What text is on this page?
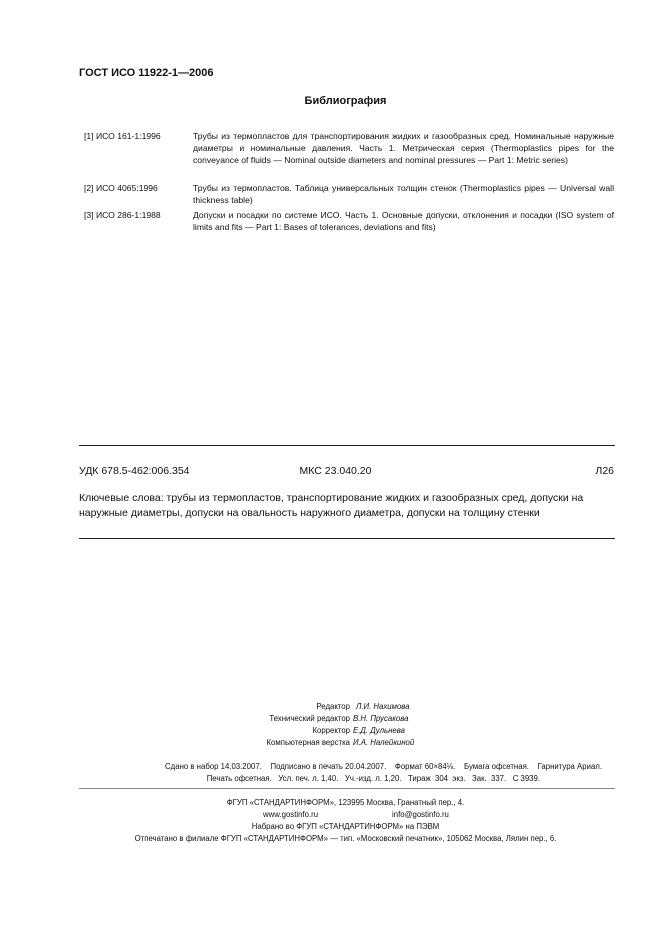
ГОСТ ИСО 11922-1—2006
Библиография
[1] ИСО 161-1:1996	Трубы из термопластов для транспортирования жидких и газообразных сред. Номинальные наружные диаметры и номинальные давления. Часть 1. Метрическая серия (Thermoplastics pipes for the conveyance of fluids — Nominal outside diameters and nominal pressures — Part 1: Metric series)
[2] ИСО 4065:1996	Трубы из термопластов. Таблица универсальных толщин стенок (Thermoplastics pipes — Universal wall thickness table)
[3] ИСО 286-1:1988	Допуски и посадки по системе ИСО. Часть 1. Основные допуски, отклонения и посадки (ISO system of limits and fits — Part 1: Bases of tolerances, deviations and fits)
УДК 678.5-462:006.354	МКС 23.040.20	Л26
Ключевые слова: трубы из термопластов, транспортирование жидких и газообразных сред, допуски на наружные диаметры, допуски на овальность наружного диаметра, допуски на толщину стенки
Редактор Л.И. Нахимова
Технический редактор В.Н. Прусакова
Корректор Е.Д. Дульнева
Компьютерная верстка И.А. Налейкиной
Сдано в набор 14.03.2007.    Подписано в печать 20.04.2007.    Формат 60×84⅛.    Бумага офсетная.    Гарнитура Ариал.
Печать офсетная.   Усл. печ. л. 1,40.   Уч.-изд. л. 1,20.   Тираж  304  экз.   Зак.  337.   С 3939.
ФГУП «СТАНДАРТИНФОРМ», 123995 Москва, Гранатный пер., 4.
www.gostinfo.ru	info@gostinfo.ru
Набрано во ФГУП «СТАНДАРТИНФОРМ» на ПЭВМ
Отпечатано в филиале ФГУП «СТАНДАРТИНФОРМ» — тип. «Московский печатник», 105062 Москва, Лялин пер., 6.
